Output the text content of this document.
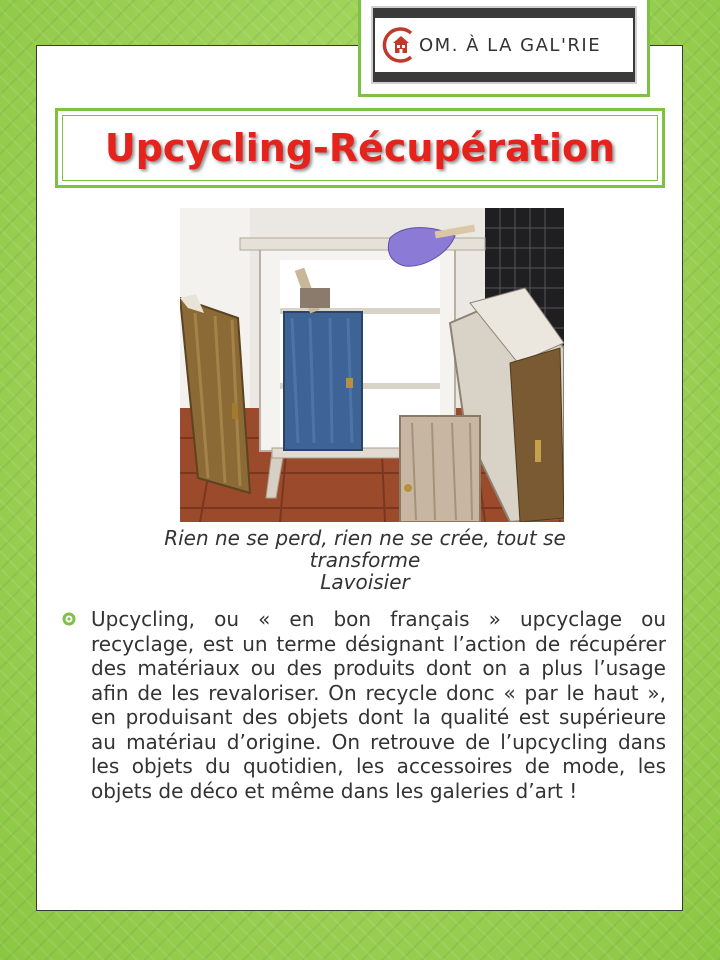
OM. À LA GAL'RIE
Upcycling-Récupération
Rien ne se perd, rien ne se crée, tout se
transforme
Lavoisier
Upcycling, ou « en bon français » upcyclage ou recyclage, est un terme désignant l’action de récupérer des matériaux ou des produits dont on a plus l’usage afin de les revaloriser. On recycle donc « par le haut », en produisant des objets dont la qualité est supérieure au matériau d’origine. On retrouve de l’upcycling dans les objets du quotidien, les accessoires de mode, les objets de déco et même dans les galeries d’art !
